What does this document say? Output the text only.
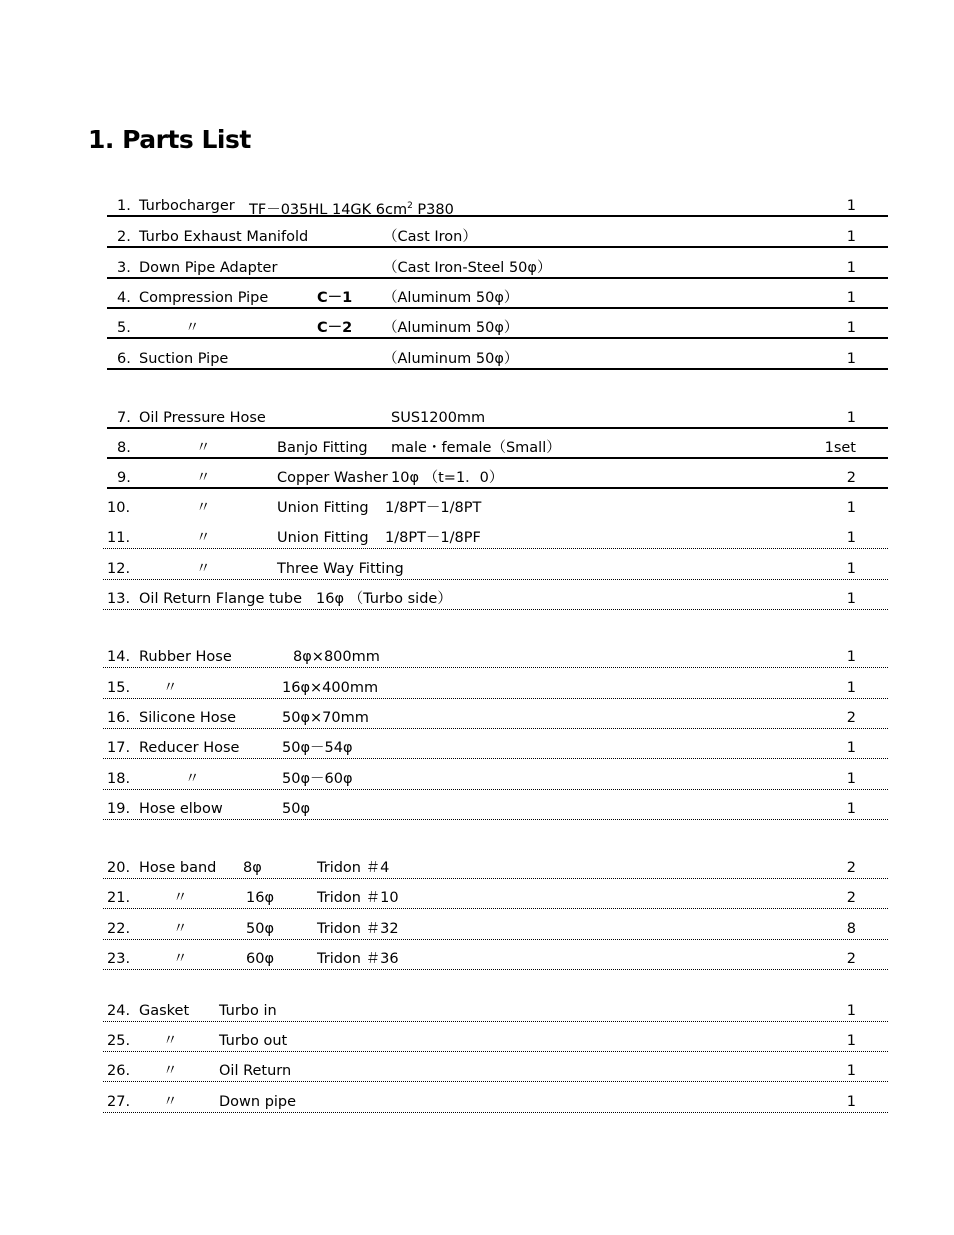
1. Parts List
1. Turbocharger TF－035HL 14GK $6cm^2$ P380	1
2. Turbo Exhaust Manifold	（Cast Iron）	1
3. Down Pipe Adapter	（Cast Iron-Steel 50φ）	1
4. Compression Pipe	C－1 （Aluminum 50φ）	1
5.	〃	C－2 （Aluminum 50φ）	1
6. Suction Pipe	（Aluminum 50φ）	1
7. Oil Pressure Hose	SUS1200mm	1
8.	〃	Banjo Fitting male・female（Small）	1set
9.	〃	Copper Washer 10φ （t=1．0）	2
10.	〃	Union Fitting 1/8PT－1/8PT	1
11.	〃	Union Fitting 1/8PT－1/8PF	1
12.	〃	Three Way Fitting	1
13. Oil Return Flange tube 16φ （Turbo side）	1
14. Rubber Hose	8φ×800mm	1
15. 〃	16φ×400mm	1
16. Silicone Hose	50φ×70mm	2
17. Reducer Hose	50φ－54φ	1
18.	〃	50φ－60φ	1
19. Hose elbow	50φ	1
20. Hose band 8φ	Tridon ＃4	2
21.	〃	16φ	Tridon ＃10	2
22.	〃	50φ	Tridon ＃32	8
23.	〃	60φ	Tridon ＃36	2
24. Gasket Turbo in	1
25. 〃	Turbo out	1
26. 〃	Oil Return	1
27. 〃	Down pipe	1
